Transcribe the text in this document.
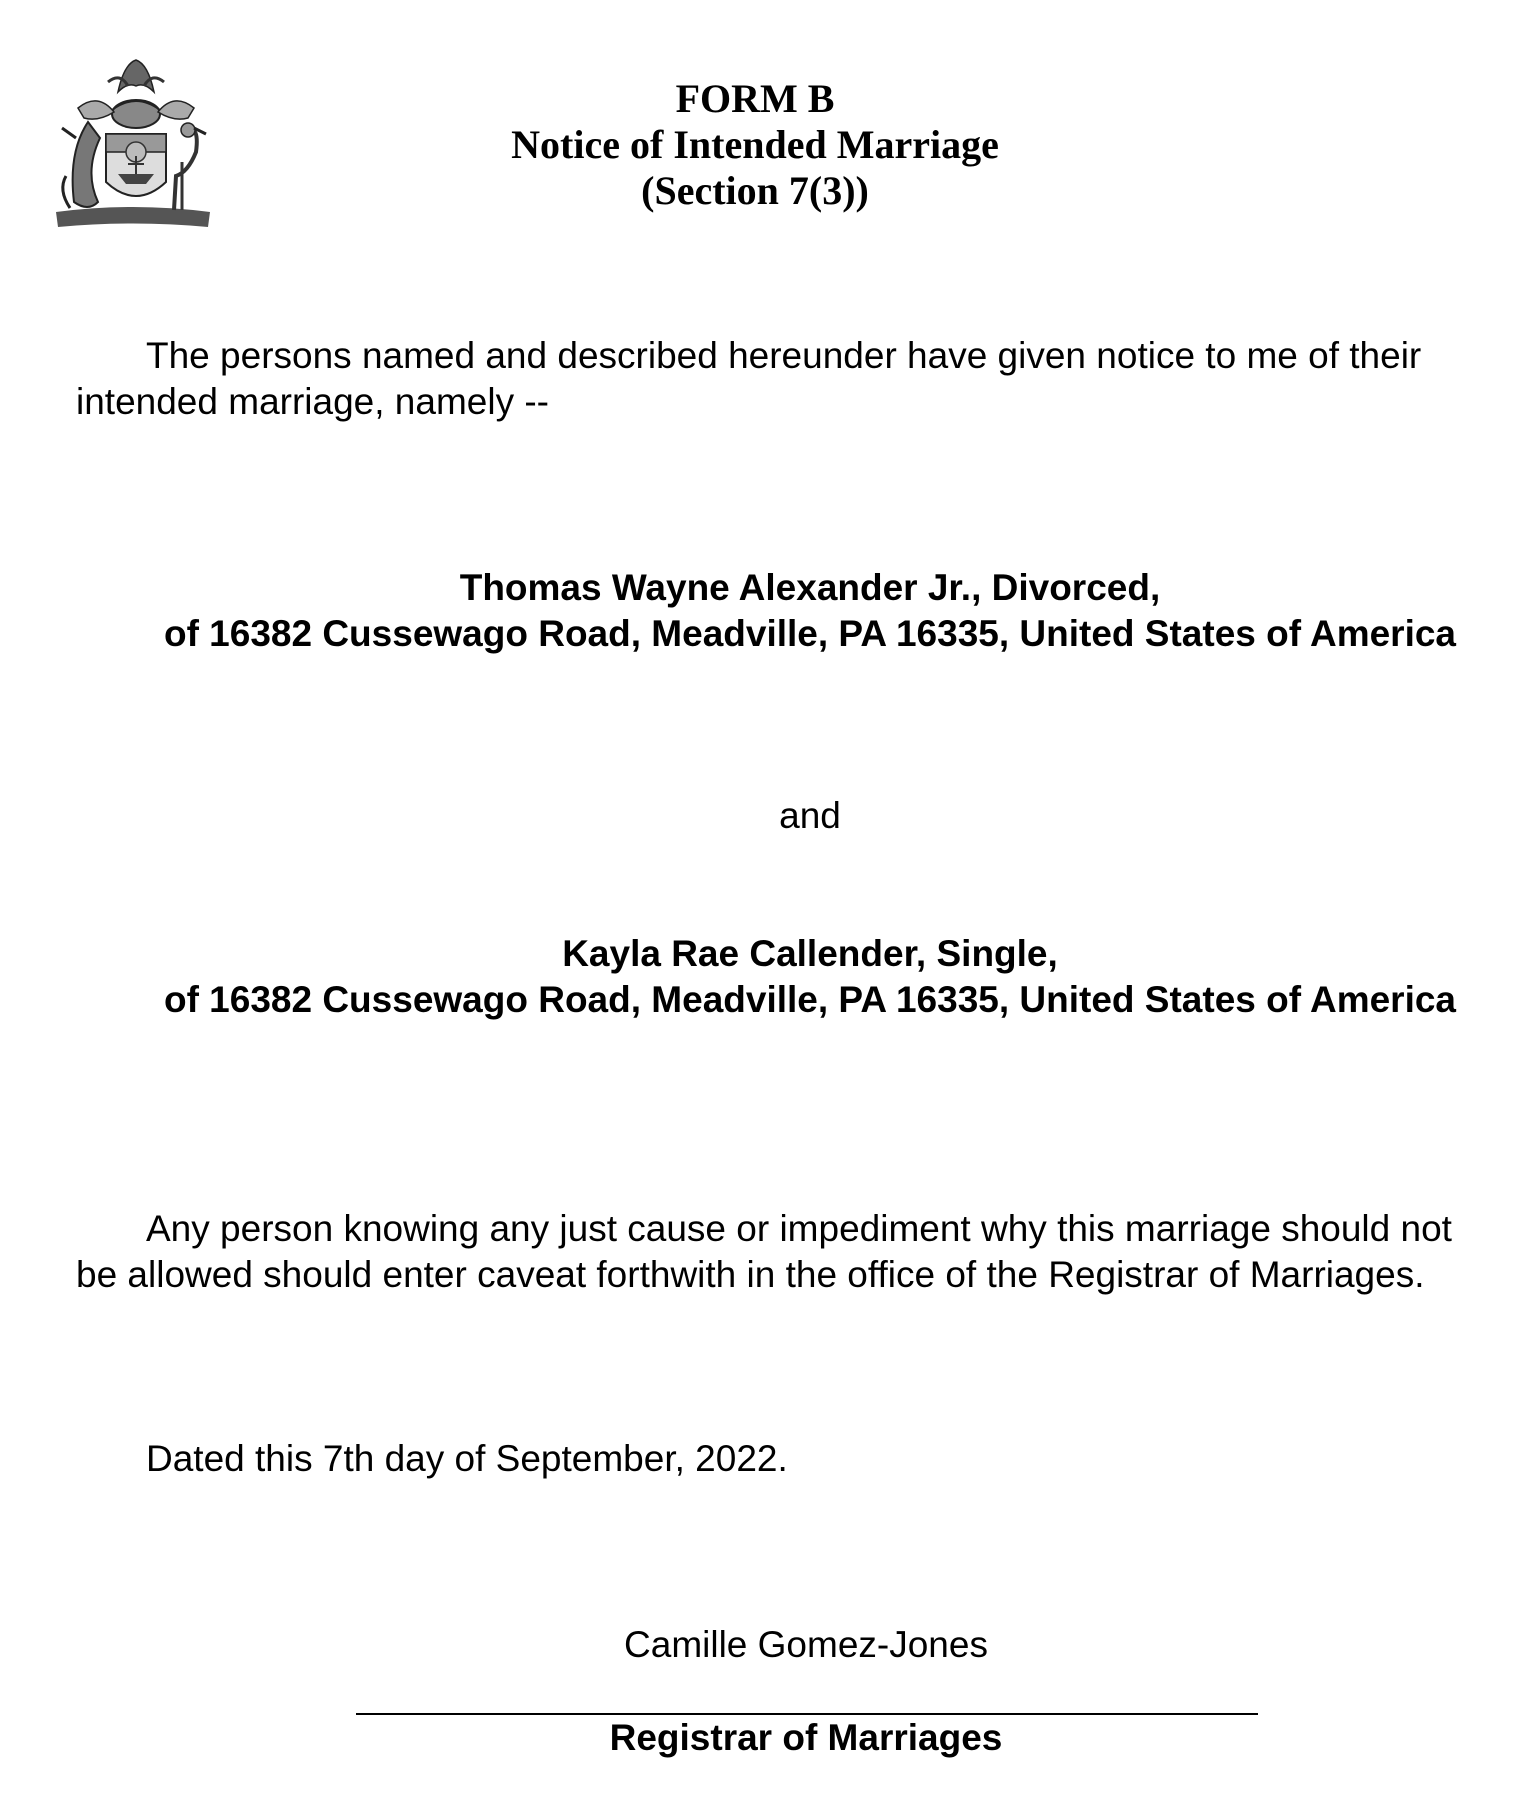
FORM B
Notice of Intended Marriage
(Section 7(3))
The persons named and described hereunder have given notice to me of their intended marriage, namely --
Thomas Wayne Alexander Jr., Divorced,
of 16382 Cussewago Road, Meadville, PA 16335, United States of America
and
Kayla Rae Callender, Single,
of 16382 Cussewago Road, Meadville, PA 16335, United States of America
Any person knowing any just cause or impediment why this marriage should not be allowed should enter caveat forthwith in the office of the Registrar of Marriages.
Dated this 7th day of September, 2022.
Camille Gomez-Jones
Registrar of Marriages
